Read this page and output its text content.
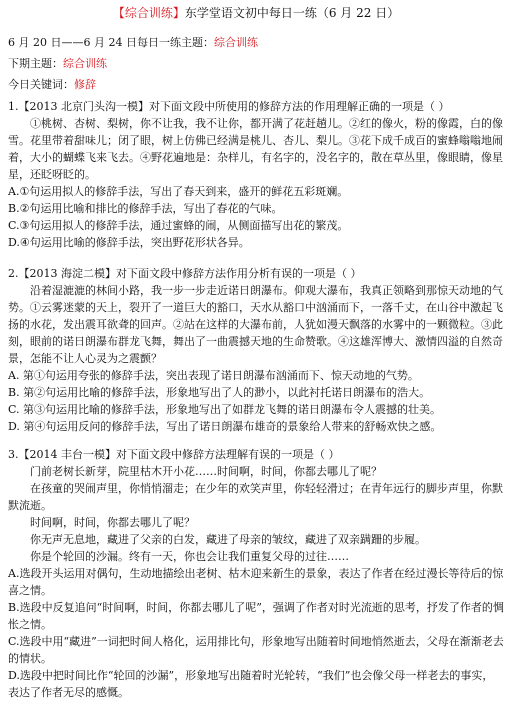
【综合训练】东学堂语文初中每日一练（6 月 22 日）
6 月 20 日——6 月 24 日每日一练主题：综合训练
下期主题：综合训练
今日关键词：修辞

1.【2013 北京门头沟一模】对下面文段中所使用的修辞方法的作用理解正确的一项是（ ）

①桃树、杏树、梨树，你不让我，我不让你，都开满了花赶趟儿。②红的像火，粉的像霞，白的像雪。花里带着甜味儿；闭了眼，树上仿佛已经满是桃儿、杏儿、梨儿。③花下成千成百的蜜蜂嗡嗡地闹着，大小的蝴蝶飞来飞去。④野花遍地是：杂样儿，有名字的，没名字的，散在草丛里，像眼睛，像星星，还眨呀眨的。

A.①句运用拟人的修辞手法，写出了春天到来，盛开的鲜花五彩斑斓。

B.②句运用比喻和排比的修辞手法，写出了春花的气味。

C.③句运用拟人的修辞手法，通过蜜蜂的闹，从侧面描写出花的繁茂。

D.④句运用比喻的修辞手法，突出野花形状各异。

2.【2013 海淀二模】对下面文段中修辞方法作用分析有误的一项是（ ）

沿着湿漉漉的林间小路，我一步一步走近诺日朗瀑布。仰观大瀑布，我真正领略到那惊天动地的气势。①云雾迷蒙的天上，裂开了一道巨大的豁口，天水从豁口中汹涌而下，一落千丈，在山谷中激起飞扬的水花，发出震耳欲聋的回声。②站在这样的大瀑布前，人犹如漫天飘落的水雾中的一颗微粒。③此刻，眼前的诺日朗瀑布群龙飞舞，舞出了一曲震撼天地的生命赞歌。④这雄浑博大、激情四溢的自然奇景，怎能不让人心灵为之震颤？

A. 第①句运用夸张的修辞手法，突出表现了诺日朗瀑布汹涌而下、惊天动地的气势。

B. 第②句运用比喻的修辞手法，形象地写出了人的渺小，以此衬托诺日朗瀑布的浩大。

C. 第③句运用比喻的修辞手法，形象地写出了如群龙飞舞的诺日朗瀑布令人震撼的壮美。

D. 第④句运用反问的修辞手法，写出了诺日朗瀑布雄奇的景象给人带来的舒畅欢快之感。

3.【2014 丰台一模】对下面文段中修辞方法理解有误的一项是（ ）

门前老树长新芽，院里枯木开小花……时间啊，时间，你都去哪儿了呢？

在孩童的哭闹声里，你悄悄溜走；在少年的欢笑声里，你轻轻滑过；在青年远行的脚步声里，你默默流逝。

时间啊，时间，你都去哪儿了呢？

你无声无息地，藏进了父亲的白发，藏进了母亲的皱纹，藏进了双亲蹒跚的步履。

你是个轮回的沙漏。终有一天，你也会让我们重复父母的过往……

A.选段开头运用对偶句，生动地描绘出老树、枯木迎来新生的景象，表达了作者在经过漫长等待后的惊喜之情。

B.选段中反复追问“时间啊，时间，你都去哪儿了呢”，强调了作者对时光流逝的思考，抒发了作者的惆怅之情。

C.选段中用“藏进”一词把时间人格化，运用排比句，形象地写出随着时间地悄然逝去，父母在渐渐老去的情状。

D.选段中把时间比作“轮回的沙漏”，形象地写出随着时光轮转，“我们”也会像父母一样老去的事实，表达了作者无尽的感慨。
